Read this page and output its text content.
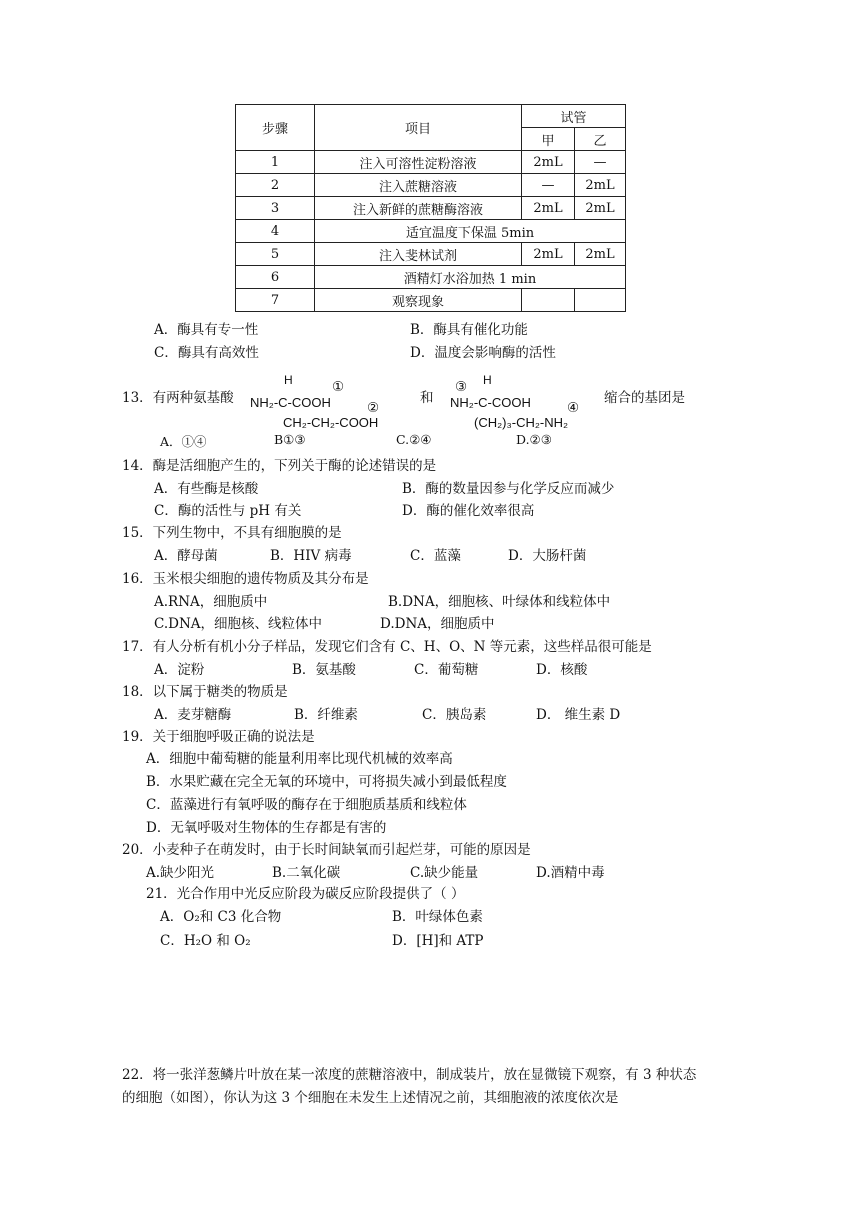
步骤	项目	试管	
		甲	乙
1	注入可溶性淀粉溶液	2mL	—
2	注入蔗糖溶液	—	2mL
3	注入新鲜的蔗糖酶溶液	2mL	2mL
4	适宜温度下保温 5min		
5	注入斐林试剂	2mL	2mL
6	酒精灯水浴加热 1 min		
7	观察现象		
A．酶具有专一性	B．酶具有催化功能
C．酶具有高效性	D．温度会影响酶的活性
13．有两种氨基酸
H
NH₂-C-COOH
CH₂-CH₂-COOH
①
②
和
③ H
NH₂-C-COOH
(CH₂)₃-CH₂-NH₂
④
缩合的基团是
A．①④	B①③	C.②④	D.②③
14．酶是活细胞产生的，下列关于酶的论述错误的是
A．有些酶是核酸	B．酶的数量因参与化学反应而减少
C．酶的活性与 pH 有关	D．酶的催化效率很高
15．下列生物中，不具有细胞膜的是
A．酵母菌	B．HIV 病毒	C．蓝藻	D．大肠杆菌
16．玉米根尖细胞的遗传物质及其分布是
A.RNA，细胞质中	B.DNA，细胞核、叶绿体和线粒体中
C.DNA，细胞核、线粒体中	D.DNA，细胞质中
17．有人分析有机小分子样品，发现它们含有 C、H、O、N 等元素，这些样品很可能是
A．淀粉	B．氨基酸	C．葡萄糖	D．核酸
18．以下属于糖类的物质是
A．麦芽糖酶	B．纤维素	C．胰岛素	D． 维生素 D
19．关于细胞呼吸正确的说法是
A．细胞中葡萄糖的能量利用率比现代机械的效率高
B．水果贮藏在完全无氧的环境中，可将损失减小到最低程度
C．蓝藻进行有氧呼吸的酶存在于细胞质基质和线粒体
D．无氧呼吸对生物体的生存都是有害的
20．小麦种子在萌发时，由于长时间缺氧而引起烂芽，可能的原因是
A.缺少阳光	B.二氧化碳	C.缺少能量	D.酒精中毒
21．光合作用中光反应阶段为碳反应阶段提供了（ ）
A．O₂和 C3 化合物	B．叶绿体色素
C．H₂O 和 O₂	D．[H]和 ATP
22．将一张洋葱鳞片叶放在某一浓度的蔗糖溶液中，制成装片，放在显微镜下观察，有 3 种状态
的细胞（如图），你认为这 3 个细胞在未发生上述情况之前，其细胞液的浓度依次是
